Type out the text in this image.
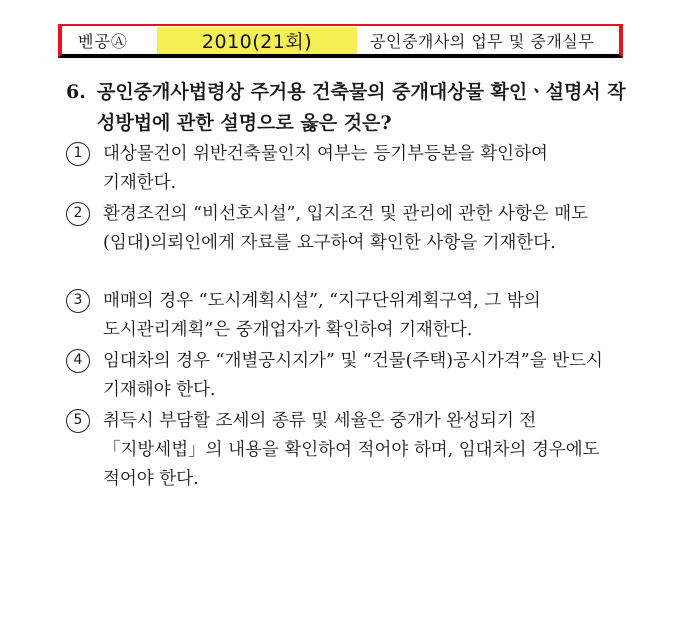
벤공Ⓐ	2010(21회)	공인중개사의 업무 및 중개실무
6. 공인중개사법령상 주거용 건축물의 중개대상물 확인ㆍ설명서 작성방법에 관한 설명으로 옳은 것은?
1	대상물건이 위반건축물인지 여부는 등기부등본을 확인하여 기재한다.
2	환경조건의 “비선호시설”, 입지조건 및 관리에 관한 사항은 매도(임대)의뢰인에게 자료를 요구하여 확인한 사항을 기재한다.
3	매매의 경우 “도시계획시설”, “지구단위계획구역, 그 밖의 도시관리계획”은 중개업자가 확인하여 기재한다.
4	임대차의 경우 “개별공시지가” 및 “건물(주택)공시가격”을 반드시 기재해야 한다.
5	취득시 부담할 조세의 종류 및 세율은 중개가 완성되기 전 「지방세법」의 내용을 확인하여 적어야 하며, 임대차의 경우에도 적어야 한다.
